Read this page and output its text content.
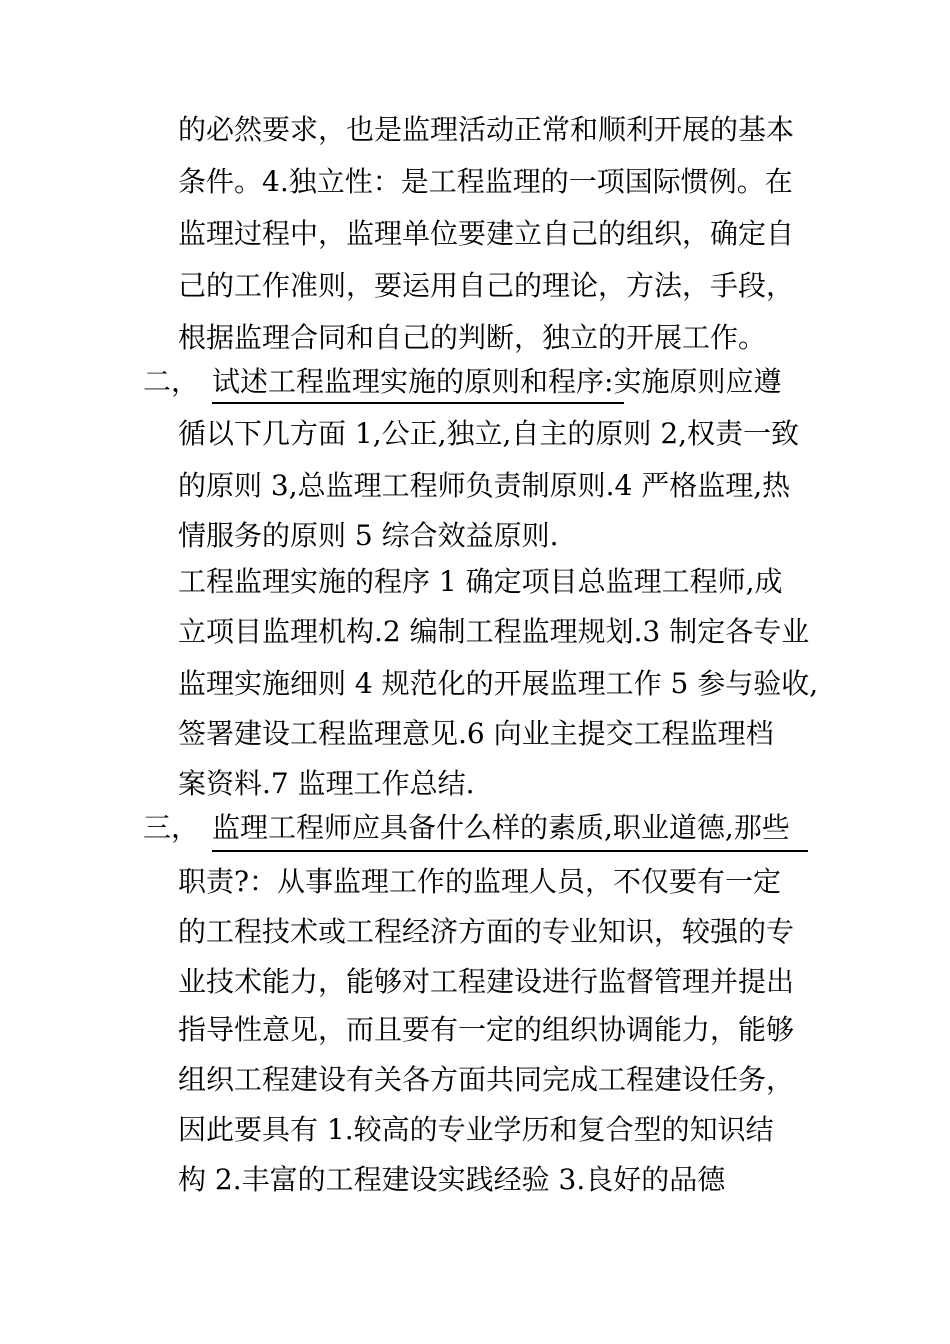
的必然要求，也是监理活动正常和顺利开展的基本
条件。4.独立性：是工程监理的一项国际惯例。在
监理过程中，监理单位要建立自己的组织，确定自
己的工作准则，要运用自己的理论，方法，手段，
根据监理合同和自己的判断，独立的开展工作。
二， 试述工程监理实施的原则和程序:实施原则应遵
循以下几方面 1,公正,独立,自主的原则 2,权责一致
的原则 3,总监理工程师负责制原则.4 严格监理,热
情服务的原则 5 综合效益原则.
工程监理实施的程序 1 确定项目总监理工程师,成
立项目监理机构.2 编制工程监理规划.3 制定各专业
监理实施细则 4 规范化的开展监理工作 5 参与验收,
签署建设工程监理意见.6 向业主提交工程监理档
案资料.7 监理工作总结.
三， 监理工程师应具备什么样的素质,职业道德,那些
职责?：从事监理工作的监理人员，不仅要有一定
的工程技术或工程经济方面的专业知识，较强的专
业技术能力，能够对工程建设进行监督管理并提出
指导性意见，而且要有一定的组织协调能力，能够
组织工程建设有关各方面共同完成工程建设任务，
因此要具有 1.较高的专业学历和复合型的知识结
构 2.丰富的工程建设实践经验 3.良好的品德
